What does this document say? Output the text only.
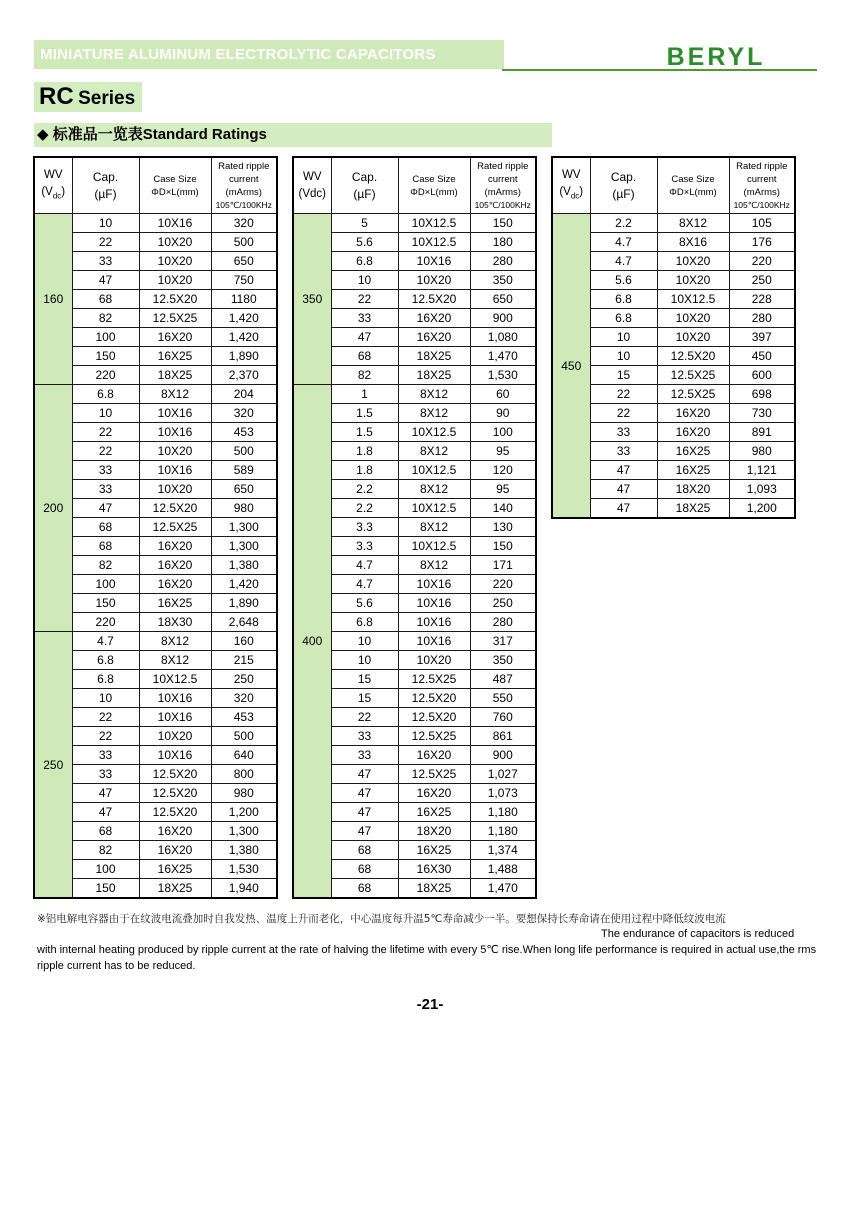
MINIATURE ALUMINUM ELECTROLYTIC CAPACITORS	BERYL
RC Series
◆ 标准品一览表Standard Ratings
WV
$(V_{dc})$	Cap.
(µF)	Case Size
ΦD×L(mm)	Rated ripple
current
(mArms)
105℃/100KHz
160	10	10X16	320
	22	10X20	500
	33	10X20	650
	47	10X20	750
	68	12.5X20	1180
	82	12.5X25	1,420
	100	16X20	1,420
	150	16X25	1,890
	220	18X25	2,370
200	6.8	8X12	204
	10	10X16	320
	22	10X16	453
	22	10X20	500
	33	10X16	589
	33	10X20	650
	47	12.5X20	980
	68	12.5X25	1,300
	68	16X20	1,300
	82	16X20	1,380
	100	16X20	1,420
	150	16X25	1,890
	220	18X30	2,648
250	4.7	8X12	160
	6.8	8X12	215
	6.8	10X12.5	250
	10	10X16	320
	22	10X16	453
	22	10X20	500
	33	10X16	640
	33	12.5X20	800
	47	12.5X20	980
	47	12.5X20	1,200
	68	16X20	1,300
	82	16X20	1,380
	100	16X25	1,530
	150	18X25	1,940
WV
(Vdc)	Cap.
(µF)	Case Size
ΦD×L(mm)	Rated ripple
current
(mArms)
105℃/100KHz
350	5	10X12.5	150
	5.6	10X12.5	180
	6.8	10X16	280
	10	10X20	350
	22	12.5X20	650
	33	16X20	900
	47	16X20	1,080
	68	18X25	1,470
	82	18X25	1,530
400	1	8X12	60
	1.5	8X12	90
	1.5	10X12.5	100
	1.8	8X12	95
	1.8	10X12.5	120
	2.2	8X12	95
	2.2	10X12.5	140
	3.3	8X12	130
	3.3	10X12.5	150
	4.7	8X12	171
	4.7	10X16	220
	5.6	10X16	250
	6.8	10X16	280
	10	10X16	317
	10	10X20	350
	15	12.5X25	487
	15	12.5X20	550
	22	12.5X20	760
	33	12.5X25	861
	33	16X20	900
	47	12.5X25	1,027
	47	16X20	1,073
	47	16X25	1,180
	47	18X20	1,180
	68	16X25	1,374
	68	16X30	1,488
	68	18X25	1,470
WV
$(V_{dc})$	Cap.
(µF)	Case Size
ΦD×L(mm)	Rated ripple
current
(mArms)
105℃/100KHz
450	2.2	8X12	105
	4.7	8X16	176
	4.7	10X20	220
	5.6	10X20	250
	6.8	10X12.5	228
	6.8	10X20	280
	10	10X20	397
	10	12.5X20	450
	15	12.5X25	600
	22	12.5X25	698
	22	16X20	730
	33	16X20	891
	33	16X25	980
	47	16X25	1,121
	47	18X20	1,093
	47	18X25	1,200
※铝电解电容器由于在纹波电流叠加时自我发热、温度上升而老化，中心温度每升温5℃寿命减少一半。要想保持长寿命请在使用过程中降低纹波电流
The endurance of capacitors is reduced
with internal heating produced by ripple current at the rate of halving the lifetime with every 5℃ rise.When long life performance is required in actual use,the rms ripple current has to be reduced.
-21-
